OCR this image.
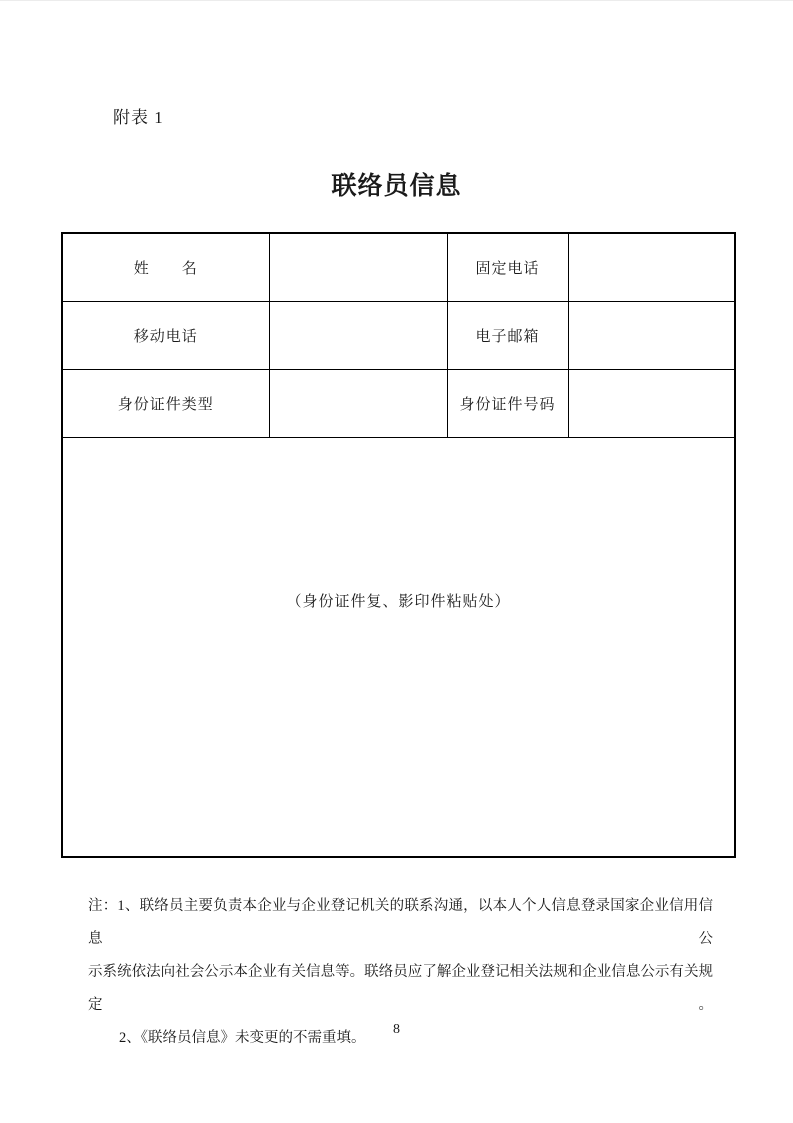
附表 1
联络员信息
姓　　名		固定电话	
移动电话		电子邮箱	
身份证件类型		身份证件号码	

（身份证件复、影印件粘贴处）			
注：1、联络员主要负责本企业与企业登记机关的联系沟通，以本人个人信息登录国家企业信用信息公
示系统依法向社会公示本企业有关信息等。联络员应了解企业登记相关法规和企业信息公示有关规定。
2、《联络员信息》未变更的不需重填。
8
